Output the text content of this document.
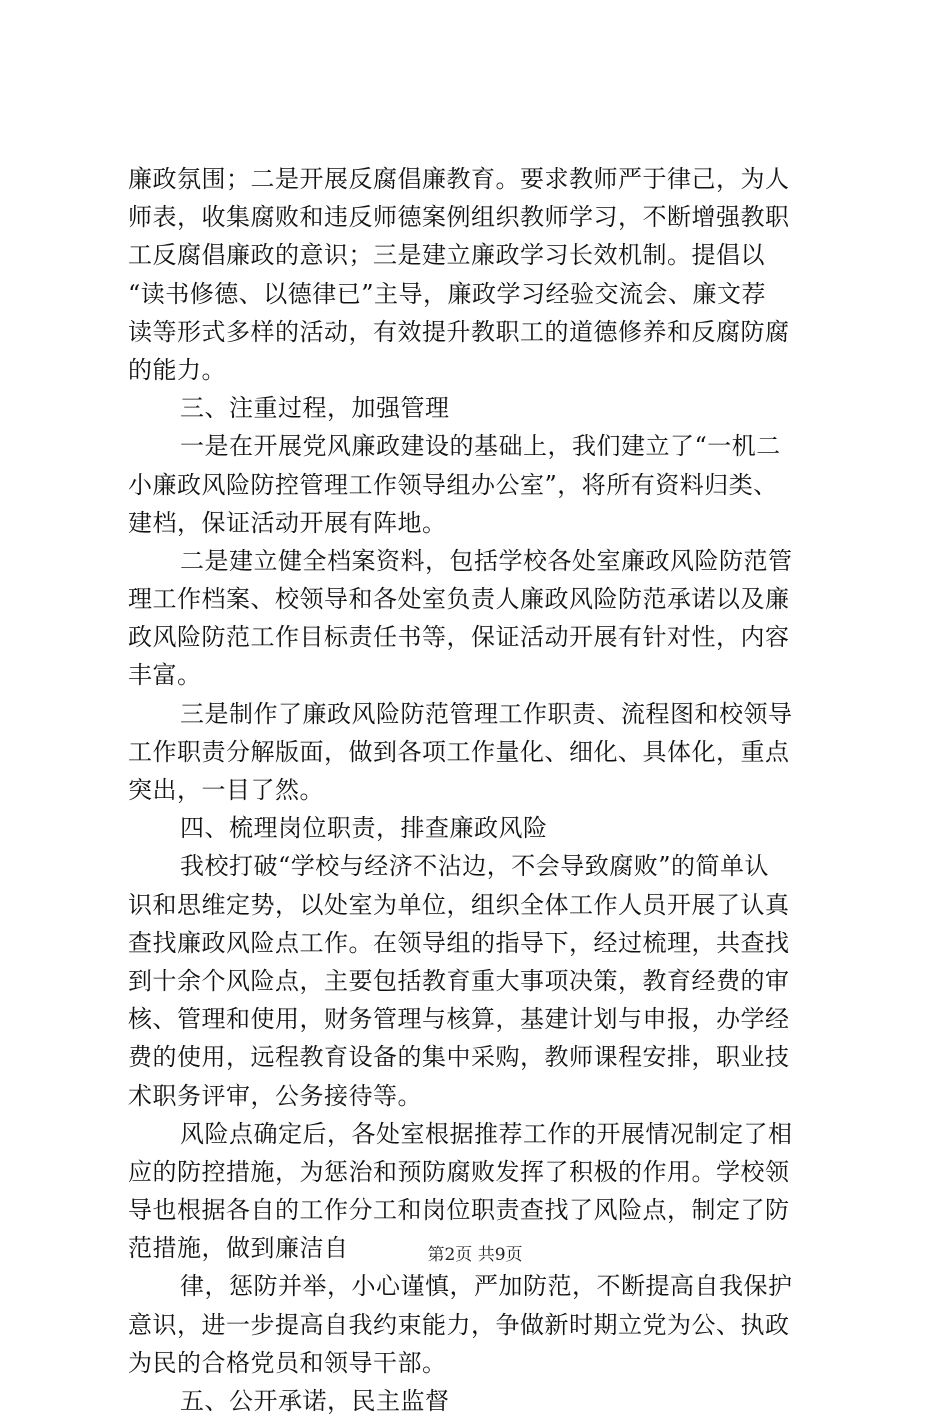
廉政氛围；二是开展反腐倡廉教育。要求教师严于律己，为人
师表，收集腐败和违反师德案例组织教师学习，不断增强教职
工反腐倡廉政的意识；三是建立廉政学习长效机制。提倡以
“读书修德、以德律已”主导，廉政学习经验交流会、廉文荐
读等形式多样的活动，有效提升教职工的道德修养和反腐防腐
的能力。
三、注重过程，加强管理
一是在开展党风廉政建设的基础上，我们建立了“一机二
小廉政风险防控管理工作领导组办公室”，将所有资料归类、
建档，保证活动开展有阵地。
二是建立健全档案资料，包括学校各处室廉政风险防范管
理工作档案、校领导和各处室负责人廉政风险防范承诺以及廉
政风险防范工作目标责任书等，保证活动开展有针对性，内容
丰富。
三是制作了廉政风险防范管理工作职责、流程图和校领导
工作职责分解版面，做到各项工作量化、细化、具体化，重点
突出，一目了然。
四、梳理岗位职责，排查廉政风险
我校打破“学校与经济不沾边，不会导致腐败”的简单认
识和思维定势，以处室为单位，组织全体工作人员开展了认真
查找廉政风险点工作。在领导组的指导下，经过梳理，共查找
到十余个风险点，主要包括教育重大事项决策，教育经费的审
核、管理和使用，财务管理与核算，基建计划与申报，办学经
费的使用，远程教育设备的集中采购，教师课程安排，职业技
术职务评审，公务接待等。
风险点确定后，各处室根据推荐工作的开展情况制定了相
应的防控措施，为惩治和预防腐败发挥了积极的作用。学校领
导也根据各自的工作分工和岗位职责查找了风险点，制定了防
范措施，做到廉洁自
律，惩防并举，小心谨慎，严加防范，不断提高自我保护
意识，进一步提高自我约束能力，争做新时期立党为公、执政
为民的合格党员和领导干部。
五、公开承诺，民主监督
第2页 共9页
